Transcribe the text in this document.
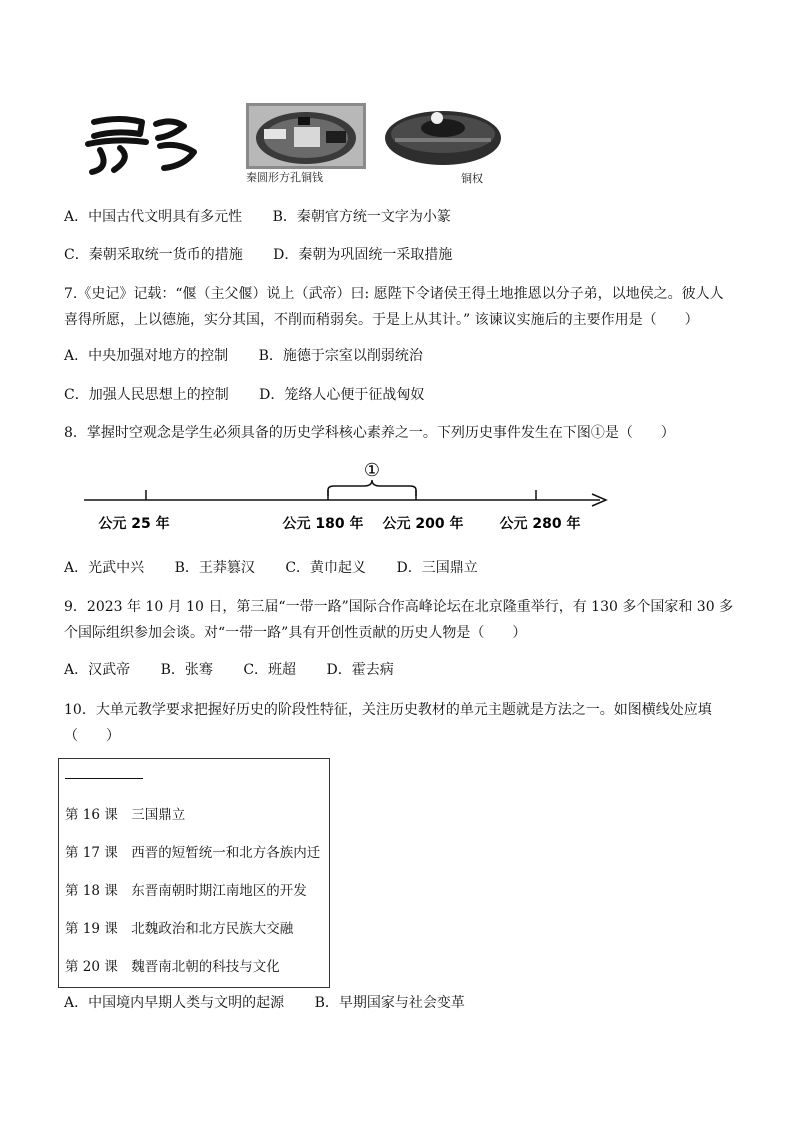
秦圆形方孔铜钱	铜权
A．中国古代文明具有多元性 B．秦朝官方统一文字为小篆
C．秦朝采取统一货币的措施 D．秦朝为巩固统一采取措施
7.《史记》记载：“偃（主父偃）说上（武帝）曰: 愿陛下令诸侯王得土地推恩以分子弟，以地侯之。彼人人喜得所愿，上以德施，实分其国，不削而稍弱矣。于是上从其计。” 该谏议实施后的主要作用是（　　）
A．中央加强对地方的控制 B．施德于宗室以削弱统治
C．加强人民思想上的控制 D．笼络人心便于征战匈奴
8．掌握时空观念是学生必须具备的历史学科核心素养之一。下列历史事件发生在下图①是（　　）
①
公元 25 年	公元 180 年 公元 200 年	公元 280 年
A．光武中兴 B．王莽篡汉 C．黄巾起义 D．三国鼎立
9．2023 年 10 月 10 日，第三届“一带一路”国际合作高峰论坛在北京隆重举行，有 130 多个国家和 30 多个国际组织参加会谈。对“一带一路”具有开创性贡献的历史人物是（　　）
A．汉武帝 B．张骞 C．班超 D．霍去病
10．大单元教学要求把握好历史的阶段性特征，关注历史教材的单元主题就是方法之一。如图横线处应填（　　）
第 16 课　三国鼎立
第 17 课　西晋的短暂统一和北方各族内迁
第 18 课　东晋南朝时期江南地区的开发
第 19 课　北魏政治和北方民族大交融
第 20 课　魏晋南北朝的科技与文化
A．中国境内早期人类与文明的起源 B．早期国家与社会变革
